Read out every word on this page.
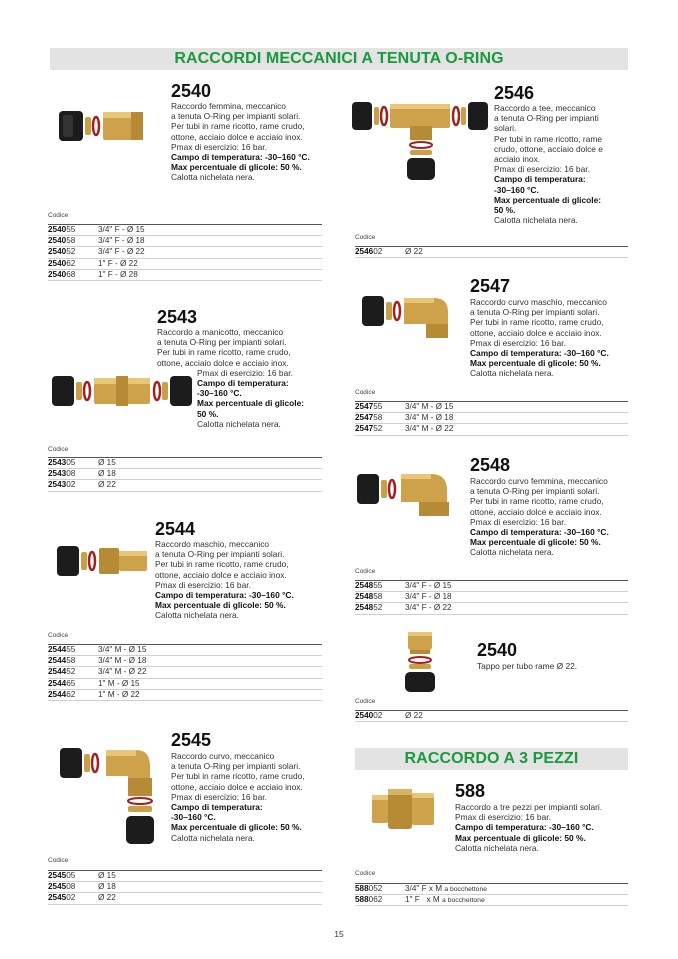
RACCORDI MECCANICI A TENUTA O-RING
RACCORDO A 3 PEZZI
2540
Raccordo femmina, meccanico
a tenuta O-Ring per impianti solari.
Per tubi in rame ricotto, rame crudo,
ottone, acciaio dolce e acciaio inox.
Pmax di esercizio: 16 bar.
Campo di temperatura: -30–160 °C.
Max percentuale di glicole: 50 %.
Calotta nichelata nera.
Codice
254055	3/4" F - Ø 15
254058	3/4" F - Ø 18
254052	3/4" F - Ø 22
254062	1" F - Ø 22
254068	1" F - Ø 28
2543
Raccordo a manicotto, meccanico
a tenuta O-Ring per impianti solari.
Per tubi in rame ricotto, rame crudo,
ottone, acciaio dolce e acciaio inox.
Pmax di esercizio: 16 bar.
Campo di temperatura:
-30–160 °C.
Max percentuale di glicole:
50 %.
Calotta nichelata nera.
Codice
254305	Ø 15
254308	Ø 18
254302	Ø 22
2544
Raccordo maschio, meccanico
a tenuta O-Ring per impianti solari.
Per tubi in rame ricotto, rame crudo,
ottone, acciaio dolce e acciaio inox.
Pmax di esercizio: 16 bar.
Campo di temperatura: -30–160 °C.
Max percentuale di glicole: 50 %.
Calotta nichelata nera.
Codice
254455	3/4" M - Ø 15
254458	3/4" M - Ø 18
254452	3/4" M - Ø 22
254465	1" M - Ø 15
254462	1" M - Ø 22
2545
Raccordo curvo, meccanico
a tenuta O-Ring per impianti solari.
Per tubi in rame ricotto, rame crudo,
ottone, acciaio dolce e acciaio inox.
Pmax di esercizio: 16 bar.
Campo di temperatura:
-30–160 °C.
Max percentuale di glicole: 50 %.
Calotta nichelata nera.
Codice
254505	Ø 15
254508	Ø 18
254502	Ø 22
2546
Raccordo a tee, meccanico
a tenuta O-Ring per impianti
solari.
Per tubi in rame ricotto, rame
crudo, ottone, acciaio dolce e
acciaio inox.
Pmax di esercizio: 16 bar.
Campo di temperatura:
-30–160 °C.
Max percentuale di glicole:
50 %.
Calotta nichelata nera.
Codice
254602	Ø 22
2547
Raccordo curvo maschio, meccanico
a tenuta O-Ring per impianti solari.
Per tubi in rame ricotto, rame crudo,
ottone, acciaio dolce e acciaio inox.
Pmax di esercizio: 16 bar.
Campo di temperatura: -30–160 °C.
Max percentuale di glicole: 50 %.
Calotta nichelata nera.
Codice
254755	3/4" M - Ø 15
254758	3/4" M - Ø 18
254752	3/4" M - Ø 22
2548
Raccordo curvo femmina, meccanico
a tenuta O-Ring per impianti solari.
Per tubi in rame ricotto, rame crudo,
ottone, acciaio dolce e acciaio inox.
Pmax di esercizio: 16 bar.
Campo di temperatura: -30–160 °C.
Max percentuale di glicole: 50 %.
Calotta nichelata nera.
Codice
254855	3/4" F - Ø 15
254858	3/4" F - Ø 18
254852	3/4" F - Ø 22
2540
Tappo per tubo rame Ø 22.
Codice
254002	Ø 22
588
Raccordo a tre pezzi per impianti solari.
Pmax di esercizio: 16 bar.
Campo di temperatura: -30–160 °C.
Max percentuale di glicole: 50 %.
Calotta nichelata nera.
Codice
588052	3/4" F x M a bocchettone
588062	1" F   x M a bocchettone
15
